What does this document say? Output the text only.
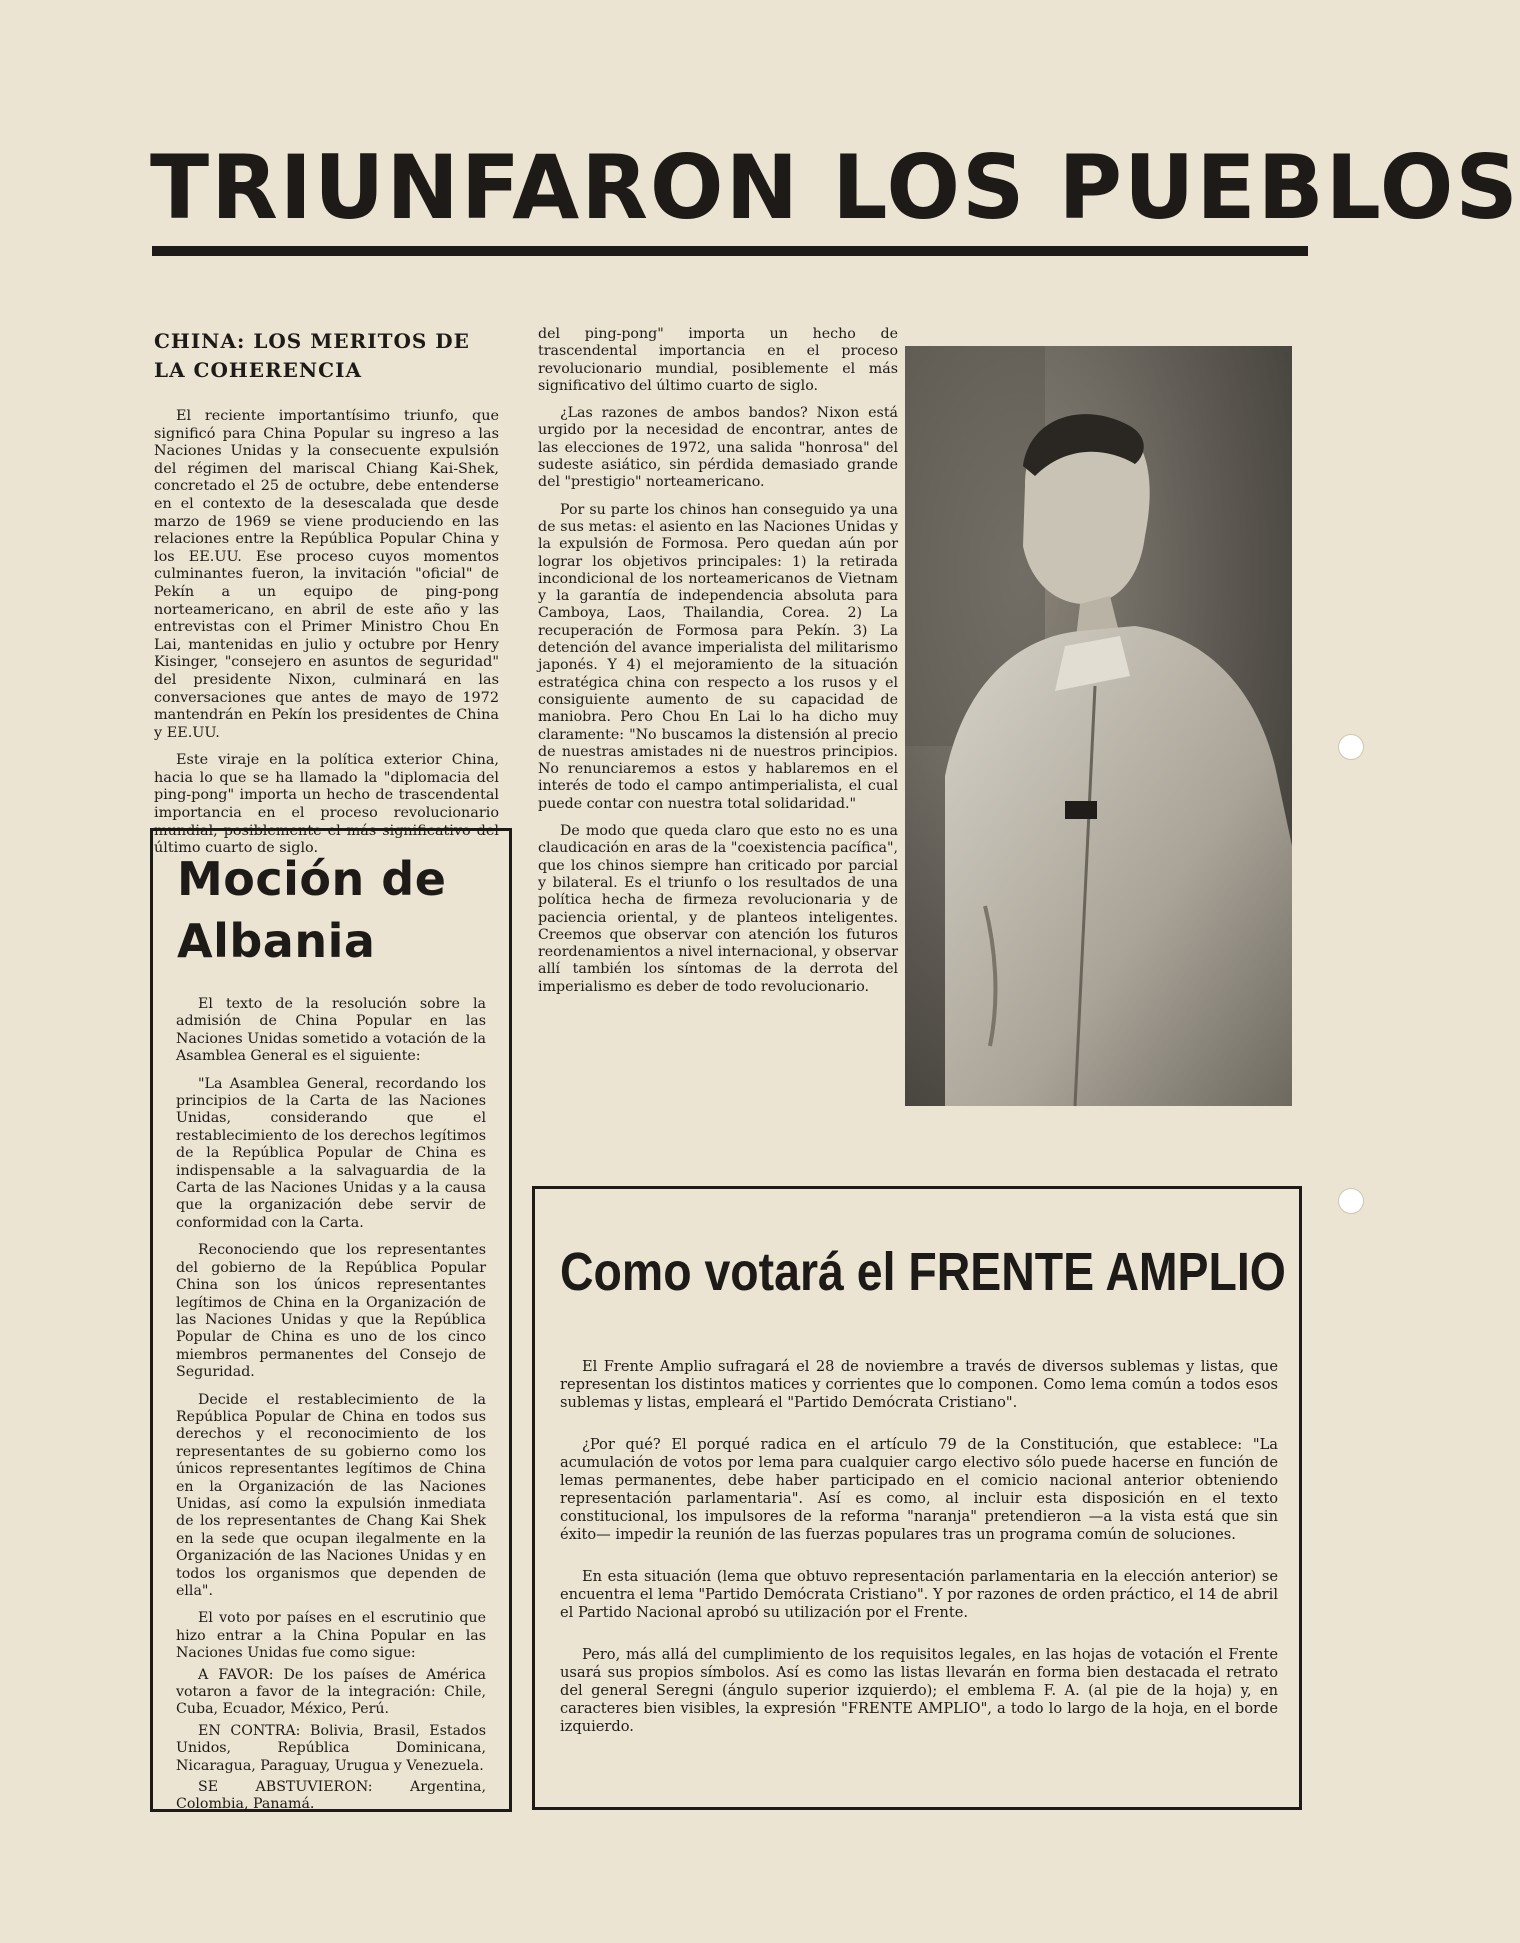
TRIUNFARON LOS PUEBLOS
CHINA: LOS MERITOS DE LA COHERENCIA

El reciente importantísimo triunfo, que significó para China Popular su ingreso a las Naciones Unidas y la consecuente expulsión del régimen del mariscal Chiang Kai-Shek, concretado el 25 de octubre, debe entenderse en el contexto de la desescalada que desde marzo de 1969 se viene produciendo en las relaciones entre la República Popular China y los EE.UU. Ese proceso cuyos momentos culminantes fueron, la invitación "oficial" de Pekín a un equipo de ping-pong norteamericano, en abril de este año y las entrevistas con el Primer Ministro Chou En Lai, mantenidas en julio y octubre por Henry Kisinger, "consejero en asuntos de seguridad" del presidente Nixon, culminará en las conversaciones que antes de mayo de 1972 mantendrán en Pekín los presidentes de China y EE.UU.

Este viraje en la política exterior China, hacia lo que se ha llamado la "diplomacia del ping-pong" importa un hecho de trascendental importancia en el proceso revolucionario mundial, posiblemente el más significativo del último cuarto de siglo.

del ping-pong" importa un hecho de trascendental importancia en el proceso revolucionario mundial, posiblemente el más significativo del último cuarto de siglo.

¿Las razones de ambos bandos? Nixon está urgido por la necesidad de encontrar, antes de las elecciones de 1972, una salida "honrosa" del sudeste asiático, sin pérdida demasiado grande del "prestigio" norteamericano.

Por su parte los chinos han conseguido ya una de sus metas: el asiento en las Naciones Unidas y la expulsión de Formosa. Pero quedan aún por lograr los objetivos principales: 1) la retirada incondicional de los norteamericanos de Vietnam y la garantía de independencia absoluta para Camboya, Laos, Thailandia, Corea. 2) La recuperación de Formosa para Pekín. 3) La detención del avance imperialista del militarismo japonés. Y 4) el mejoramiento de la situación estratégica china con respecto a los rusos y el consiguiente aumento de su capacidad de maniobra. Pero Chou En Lai lo ha dicho muy claramente: "No buscamos la distensión al precio de nuestras amistades ni de nuestros principios. No renunciaremos a estos y hablaremos en el interés de todo el campo antimperialista, el cual puede contar con nuestra total solidaridad."

De modo que queda claro que esto no es una claudicación en aras de la "coexistencia pacífica", que los chinos siempre han criticado por parcial y bilateral. Es el triunfo o los resultados de una política hecha de firmeza revolucionaria y de paciencia oriental, y de planteos inteligentes. Creemos que observar con atención los futuros reordenamientos a nivel internacional, y observar allí también los síntomas de la derrota del imperialismo es deber de todo revolucionario.

Moción de Albania

El texto de la resolución sobre la admisión de China Popular en las Naciones Unidas sometido a votación de la Asamblea General es el siguiente:

"La Asamblea General, recordando los principios de la Carta de las Naciones Unidas, considerando que el restablecimiento de los derechos legítimos de la República Popular de China es indispensable a la salvaguardia de la Carta de las Naciones Unidas y a la causa que la organización debe servir de conformidad con la Carta.

Reconociendo que los representantes del gobierno de la República Popular China son los únicos representantes legítimos de China en la Organización de las Naciones Unidas y que la República Popular de China es uno de los cinco miembros permanentes del Consejo de Seguridad.

Decide el restablecimiento de la República Popular de China en todos sus derechos y el reconocimiento de los representantes de su gobierno como los únicos representantes legítimos de China en la Organización de las Naciones Unidas, así como la expulsión inmediata de los representantes de Chang Kai Shek en la sede que ocupan ilegalmente en la Organización de las Naciones Unidas y en todos los organismos que dependen de ella".

El voto por países en el escrutinio que hizo entrar a la China Popular en las Naciones Unidas fue como sigue:

A FAVOR: De los países de América votaron a favor de la integración: Chile, Cuba, Ecuador, México, Perú.

EN CONTRA: Bolivia, Brasil, Estados Unidos, República Dominicana, Nicaragua, Paraguay, Urugua y Venezuela.

SE ABSTUVIERON: Argentina, Colombia, Panamá.

Como votará el FRENTE AMPLIO

El Frente Amplio sufragará el 28 de noviembre a través de diversos sublemas y listas, que representan los distintos matices y corrientes que lo componen. Como lema común a todos esos sublemas y listas, empleará el "Partido Demócrata Cristiano".

¿Por qué? El porqué radica en el artículo 79 de la Constitución, que establece: "La acumulación de votos por lema para cualquier cargo electivo sólo puede hacerse en función de lemas permanentes, debe haber participado en el comicio nacional anterior obteniendo representación parlamentaria". Así es como, al incluir esta disposición en el texto constitucional, los impulsores de la reforma "naranja" pretendieron —a la vista está que sin éxito— impedir la reunión de las fuerzas populares tras un programa común de soluciones.

En esta situación (lema que obtuvo representación parlamentaria en la elección anterior) se encuentra el lema "Partido Demócrata Cristiano". Y por razones de orden práctico, el 14 de abril el Partido Nacional aprobó su utilización por el Frente.

Pero, más allá del cumplimiento de los requisitos legales, en las hojas de votación el Frente usará sus propios símbolos. Así es como las listas llevarán en forma bien destacada el retrato del general Seregni (ángulo superior izquierdo); el emblema F. A. (al pie de la hoja) y, en caracteres bien visibles, la expresión "FRENTE AMPLIO", a todo lo largo de la hoja, en el borde izquierdo.
